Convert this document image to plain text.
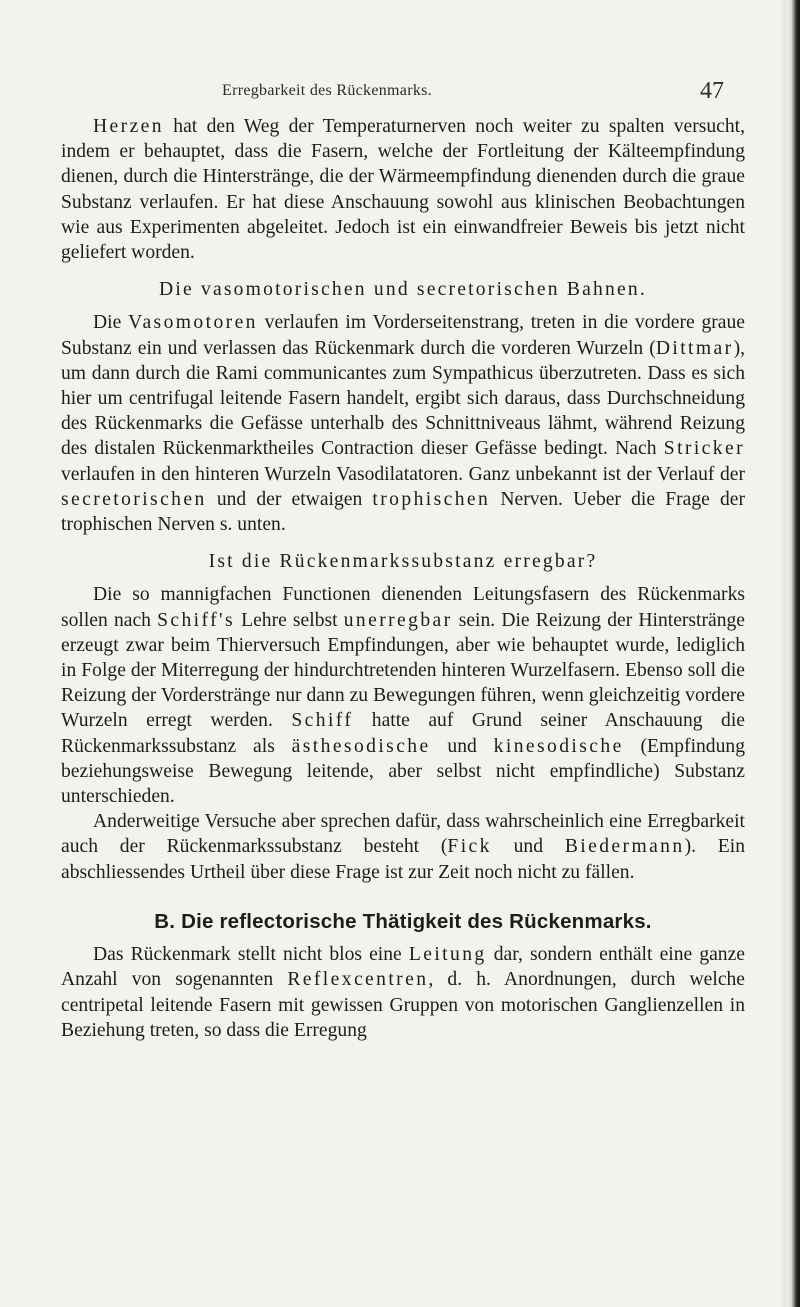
Erregbarkeit des Rückenmarks.	47

Herzen hat den Weg der Temperaturnerven noch weiter zu spalten versucht, indem er behauptet, dass die Fasern, welche der Fortleitung der Kälteempfindung dienen, durch die Hinterstränge, die der Wärmeempfindung dienenden durch die graue Substanz verlaufen. Er hat diese Anschauung sowohl aus klinischen Beobachtungen wie aus Experimenten abgeleitet. Jedoch ist ein einwandfreier Beweis bis jetzt nicht geliefert worden.

Die vasomotorischen und secretorischen Bahnen.

Die Vasomotoren verlaufen im Vorderseitenstrang, treten in die vordere graue Substanz ein und verlassen das Rückenmark durch die vorderen Wurzeln (Dittmar), um dann durch die Rami communicantes zum Sympathicus überzutreten. Dass es sich hier um centrifugal leitende Fasern handelt, ergibt sich daraus, dass Durchschneidung des Rückenmarks die Gefässe unterhalb des Schnittniveaus lähmt, während Reizung des distalen Rückenmarktheiles Contraction dieser Gefässe bedingt. Nach Stricker verlaufen in den hinteren Wurzeln Vasodilatatoren. Ganz unbekannt ist der Verlauf der secretorischen und der etwaigen trophischen Nerven. Ueber die Frage der trophischen Nerven s. unten.

Ist die Rückenmarkssubstanz erregbar?

Die so mannigfachen Functionen dienenden Leitungsfasern des Rückenmarks sollen nach Schiff's Lehre selbst unerregbar sein. Die Reizung der Hinterstränge erzeugt zwar beim Thierversuch Empfindungen, aber wie behauptet wurde, lediglich in Folge der Miterregung der hindurchtretenden hinteren Wurzelfasern. Ebenso soll die Reizung der Vorderstränge nur dann zu Bewegungen führen, wenn gleichzeitig vordere Wurzeln erregt werden. Schiff hatte auf Grund seiner Anschauung die Rückenmarkssubstanz als ästhesodische und kinesodische (Empfindung beziehungsweise Bewegung leitende, aber selbst nicht empfindliche) Substanz unterschieden.

Anderweitige Versuche aber sprechen dafür, dass wahrscheinlich eine Erregbarkeit auch der Rückenmarkssubstanz besteht (Fick und Biedermann). Ein abschliessendes Urtheil über diese Frage ist zur Zeit noch nicht zu fällen.

B. Die reflectorische Thätigkeit des Rückenmarks.

Das Rückenmark stellt nicht blos eine Leitung dar, sondern enthält eine ganze Anzahl von sogenannten Reflexcentren, d. h. Anordnungen, durch welche centripetal leitende Fasern mit gewissen Gruppen von motorischen Ganglienzellen in Beziehung treten, so dass die Erregung
